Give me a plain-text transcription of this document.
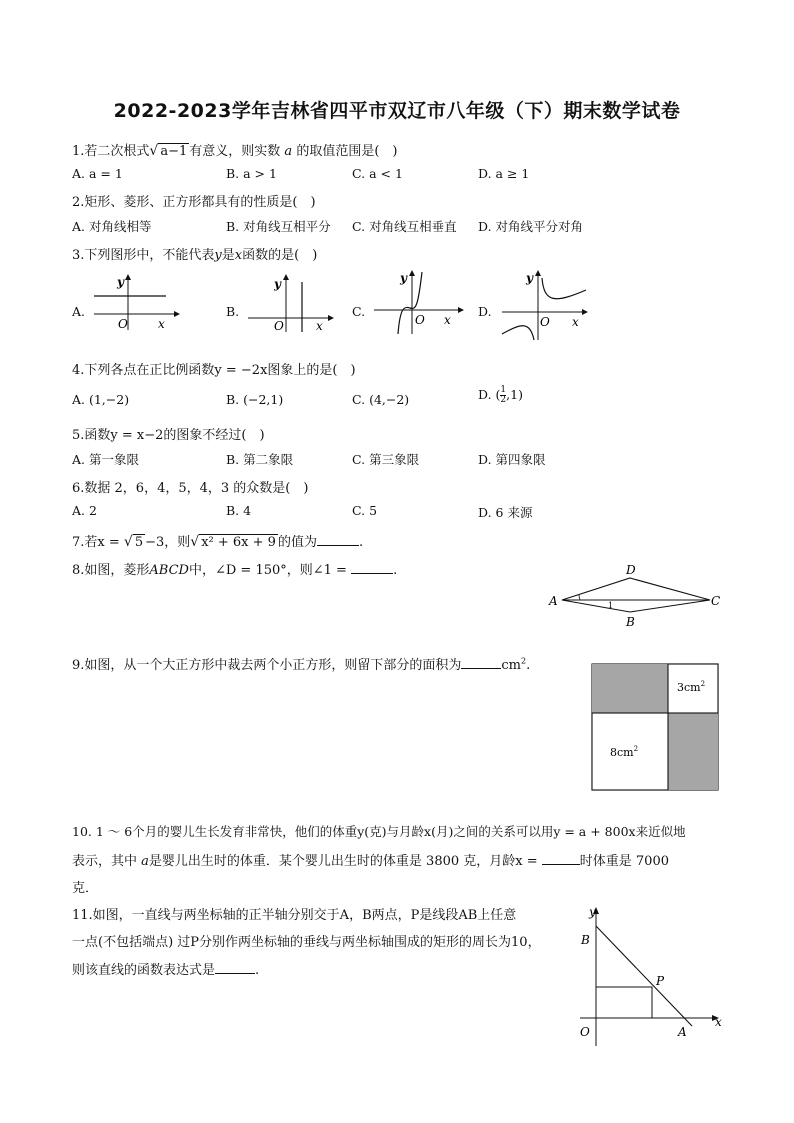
2022-2023学年吉林省四平市双辽市八年级（下）期末数学试卷
1.若二次根式√ a−1 有意义，则实数 a 的取值范围是(　)
A. a = 1	B. a > 1	C. a < 1	D. a ≥ 1
2.矩形、菱形、正方形都具有的性质是(　)
A. 对角线相等	B. 对角线互相平分 C. 对角线互相垂直 D. 对角线平分对角
3.下列图形中，不能代表y是x函数的是(　)
A.	B.	C.	D.
y
O	x
y
O	x
y
O x
y
O x
4.下列各点在正比例函数y = −2x图象上的是(　)
A. (1,−2)	B. (−2,1)	C. (4,−2)	D. ( $\frac{1}{2} ,1$)
5.函数y = x−2的图象不经过(　)
A. 第一象限	B. 第二象限	C. 第三象限	D. 第四象限
6.数据 2，6，4，5，4，3 的众数是(　)
A. 2	B. 4	C. 5	D. 6 来源
7.若x = √ 5 −3，则√ x² + 6x + 9 的值为	.
8.如图，菱形ABCD中，∠D = 150°，则∠1 =	.	D
A	C
B
1
9.如图，从一个大正方形中裁去两个小正方形，则留下部分的面积为	$cm^2$.
$3cm^2$
$8cm^2$
10. 1 ～ 6个月的婴儿生长发育非常快，他们的体重y(克)与月龄x(月)之间的关系可以用y = a + 800x来近似地
表示，其中 a是婴儿出生时的体重．某个婴儿出生时的体重是 3800 克，月龄x =	时体重是 7000
克．
11.如图，一直线与两坐标轴的正半轴分别交于A，B两点，P是线段AB上任意
一点(不包括端点) 过P分别作两坐标轴的垂线与两坐标轴围成的矩形的周长为10，
则该直线的函数表达式是	.
y
x
O	A
B
P
